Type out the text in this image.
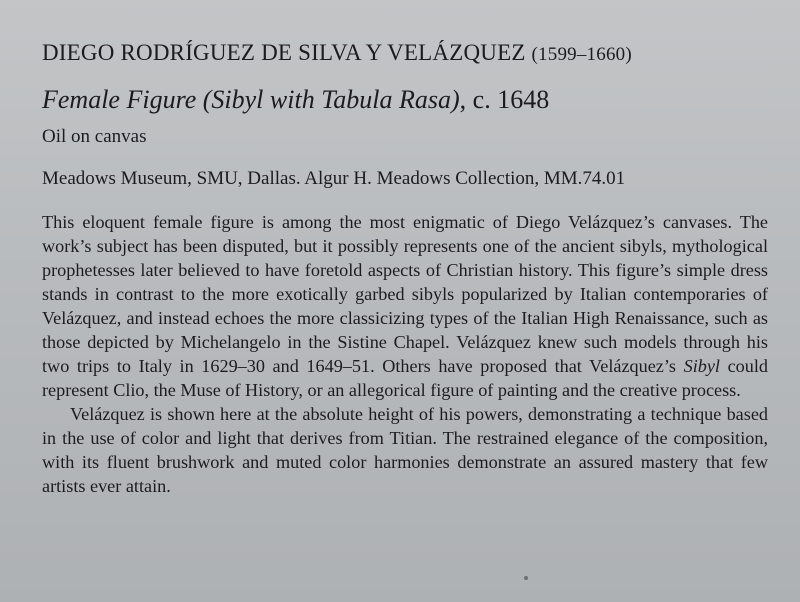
DIEGO RODRÍGUEZ DE SILVA Y VELÁZQUEZ (1599–1660)
Female Figure (Sibyl with Tabula Rasa), c. 1648
Oil on canvas
Meadows Museum, SMU, Dallas. Algur H. Meadows Collection, MM.74.01

This eloquent female figure is among the most enigmatic of Diego Velázquez’s canvases. The work’s subject has been disputed, but it possibly represents one of the ancient sibyls, mythological prophetesses later believed to have foretold aspects of Christian history. This figure’s simple dress stands in contrast to the more exotically garbed sibyls popularized by Italian contemporaries of Velázquez, and instead echoes the more classicizing types of the Italian High Renaissance, such as those depicted by Michelangelo in the Sistine Chapel. Velázquez knew such models through his two trips to Italy in 1629–30 and 1649–51. Others have proposed that Velázquez’s Sibyl could represent Clio, the Muse of History, or an allegorical figure of painting and the creative process.

Velázquez is shown here at the absolute height of his powers, demonstrating a technique based in the use of color and light that derives from Titian. The restrained elegance of the composition, with its fluent brushwork and muted color harmonies demonstrate an assured mastery that few artists ever attain.
